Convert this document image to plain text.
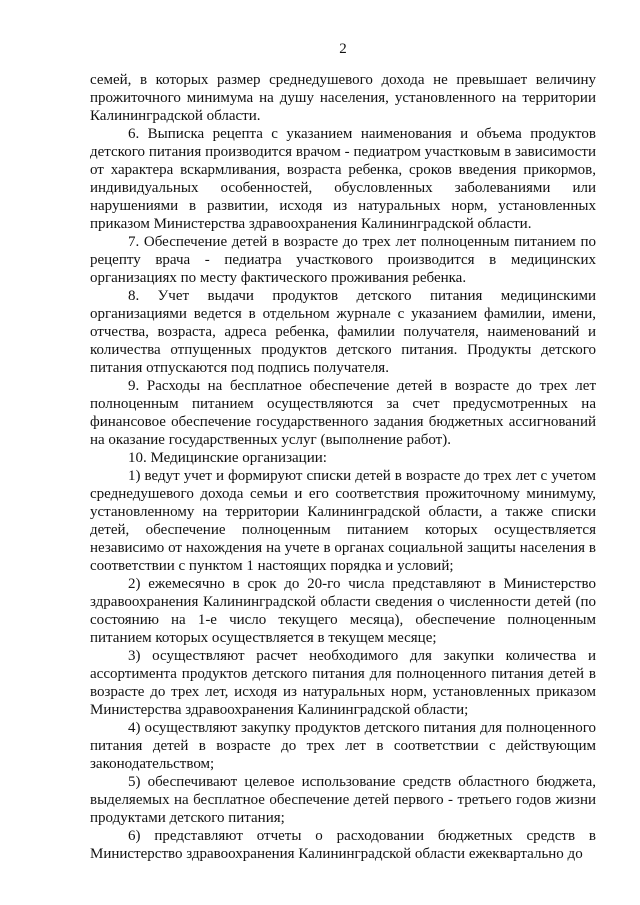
2

семей, в которых размер среднедушевого дохода не превышает величину прожиточного минимума на душу населения, установленного на территории Калининградской области.

6. Выписка рецепта с указанием наименования и объема продуктов детского питания производится врачом - педиатром участковым в зависимости от характера вскармливания, возраста ребенка, сроков введения прикормов, индивидуальных особенностей, обусловленных заболеваниями или нарушениями в развитии, исходя из натуральных норм, установленных приказом Министерства здравоохранения Калининградской области.

7. Обеспечение детей в возрасте до трех лет полноценным питанием по рецепту врача - педиатра участкового производится в медицинских организациях по месту фактического проживания ребенка.

8. Учет выдачи продуктов детского питания медицинскими организациями ведется в отдельном журнале с указанием фамилии, имени, отчества, возраста, адреса ребенка, фамилии получателя, наименований и количества отпущенных продуктов детского питания. Продукты детского питания отпускаются под подпись получателя.

9. Расходы на бесплатное обеспечение детей в возрасте до трех лет полноценным питанием осуществляются за счет предусмотренных на финансовое обеспечение государственного задания бюджетных ассигнований на оказание государственных услуг (выполнение работ).

10. Медицинские организации:

1) ведут учет и формируют списки детей в возрасте до трех лет с учетом среднедушевого дохода семьи и его соответствия прожиточному минимуму, установленному на территории Калининградской области, а также списки детей, обеспечение полноценным питанием которых осуществляется независимо от нахождения на учете в органах социальной защиты населения в соответствии с пунктом 1 настоящих порядка и условий;

2) ежемесячно в срок до 20-го числа представляют в Министерство здравоохранения Калининградской области сведения о численности детей (по состоянию на 1-е число текущего месяца), обеспечение полноценным питанием которых осуществляется в текущем месяце;

3) осуществляют расчет необходимого для закупки количества и ассортимента продуктов детского питания для полноценного питания детей в возрасте до трех лет, исходя из натуральных норм, установленных приказом Министерства здравоохранения Калининградской области;

4) осуществляют закупку продуктов детского питания для полноценного питания детей в возрасте до трех лет в соответствии с действующим законодательством;

5) обеспечивают целевое использование средств областного бюджета, выделяемых на бесплатное обеспечение детей первого - третьего годов жизни продуктами детского питания;

6) представляют отчеты о расходовании бюджетных средств в Министерство здравоохранения Калининградской области ежеквартально до
